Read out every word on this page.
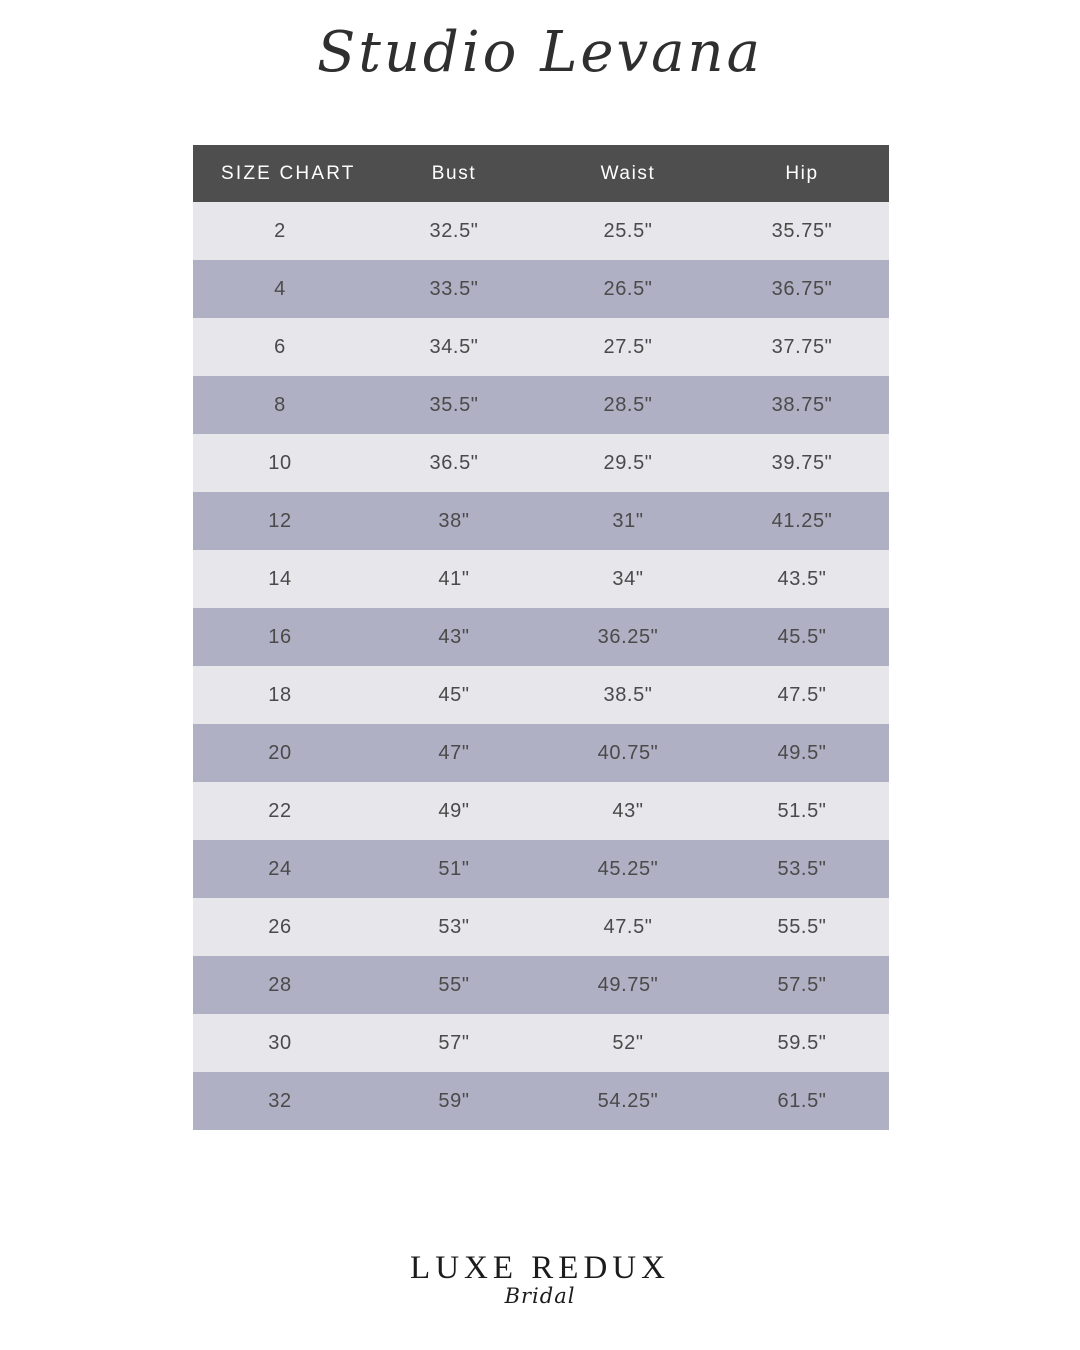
Studio Levana
SIZE CHART	Bust	Waist	Hip
2	32.5"	25.5"	35.75"
4	33.5"	26.5"	36.75"
6	34.5"	27.5"	37.75"
8	35.5"	28.5"	38.75"
10	36.5"	29.5"	39.75"
12	38"	31"	41.25"
14	41"	34"	43.5"
16	43"	36.25"	45.5"
18	45"	38.5"	47.5"
20	47"	40.75"	49.5"
22	49"	43"	51.5"
24	51"	45.25"	53.5"
26	53"	47.5"	55.5"
28	55"	49.75"	57.5"
30	57"	52"	59.5"
32	59"	54.25"	61.5"
LUXE REDUX
Bridal
